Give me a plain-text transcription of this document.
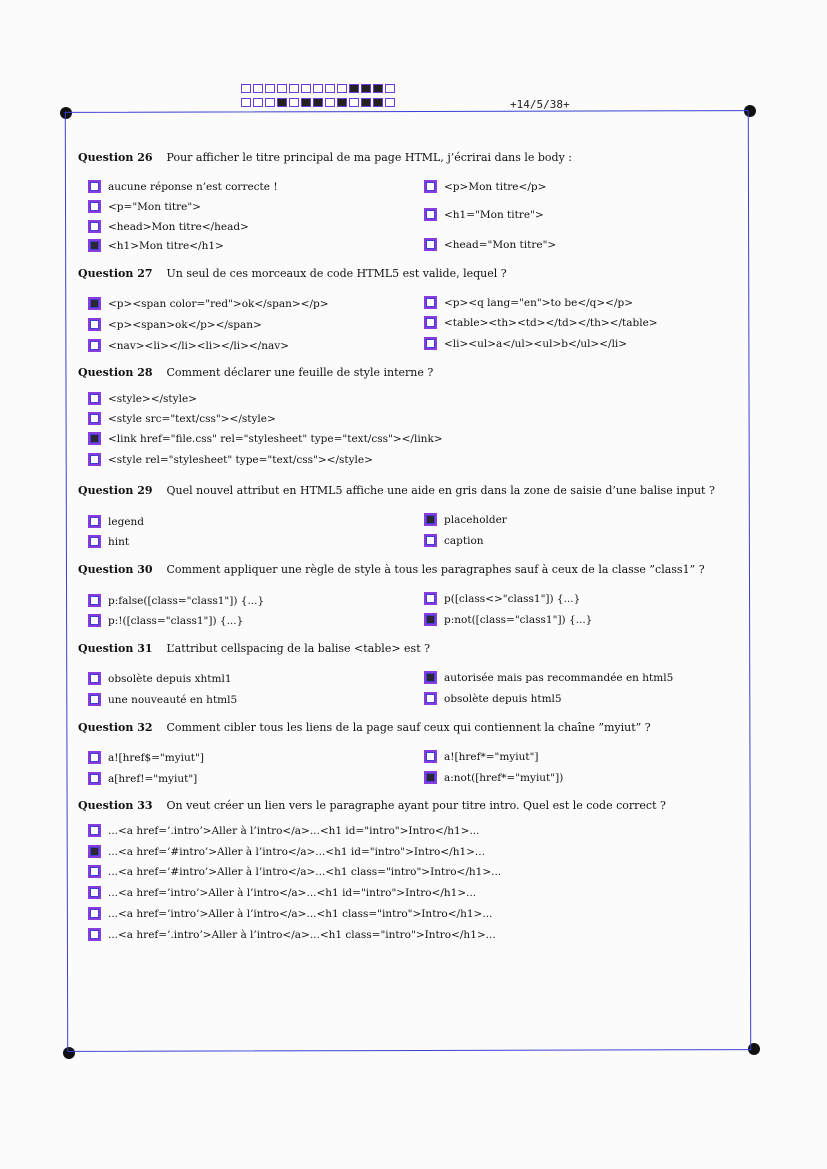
+14/5/38+
Question 26 Pour afficher le titre principal de ma page HTML, j’écrirai dans le body :
aucune réponse n’est correcte !
<p="Mon titre">
<head>Mon titre</head>
<h1>Mon titre</h1>
<p>Mon titre</p>
<h1="Mon titre">
<head="Mon titre">
Question 27 Un seul de ces morceaux de code HTML5 est valide, lequel ?
<p><span color="red">ok</span></p>
<p><span>ok</p></span>
<nav><li></li><li></li></nav>
<p><q lang="en">to be</q></p>
<table><th><td></td></th></table>
<li><ul>a</ul><ul>b</ul></li>
Question 28 Comment déclarer une feuille de style interne ?
<style></style>
<style src="text/css"></style>
<link href="file.css" rel="stylesheet" type="text/css"></link>
<style rel="stylesheet" type="text/css"></style>
Question 29 Quel nouvel attribut en HTML5 affiche une aide en gris dans la zone de saisie d’une balise input ?
legend
hint
placeholder
caption
Question 30 Comment appliquer une règle de style à tous les paragraphes sauf à ceux de la classe ”class1” ?
p:false([class="class1"]) {...}
p:!([class="class1"]) {...}
p([class<>"class1"]) {...}
p:not([class="class1"]) {...}
Question 31 L’attribut cellspacing de la balise <table> est ?
obsolète depuis xhtml1
une nouveauté en html5
autorisée mais pas recommandée en html5
obsolète depuis html5
Question 32 Comment cibler tous les liens de la page sauf ceux qui contiennent la chaîne ”myiut” ?
a![href$="myiut"]
a[href!="myiut"]
a![href*="myiut"]
a:not([href*="myiut"])
Question 33 On veut créer un lien vers le paragraphe ayant pour titre intro. Quel est le code correct ?
...<a href=’.intro’>Aller à l’intro</a>...<h1 id="intro">Intro</h1>...
...<a href=’#intro’>Aller à l’intro</a>...<h1 id="intro">Intro</h1>...
...<a href=’#intro’>Aller à l’intro</a>...<h1 class="intro">Intro</h1>...
...<a href=’intro’>Aller à l’intro</a>...<h1 id="intro">Intro</h1>...
...<a href=’intro’>Aller à l’intro</a>...<h1 class="intro">Intro</h1>...
...<a href=’.intro’>Aller à l’intro</a>...<h1 class="intro">Intro</h1>...
